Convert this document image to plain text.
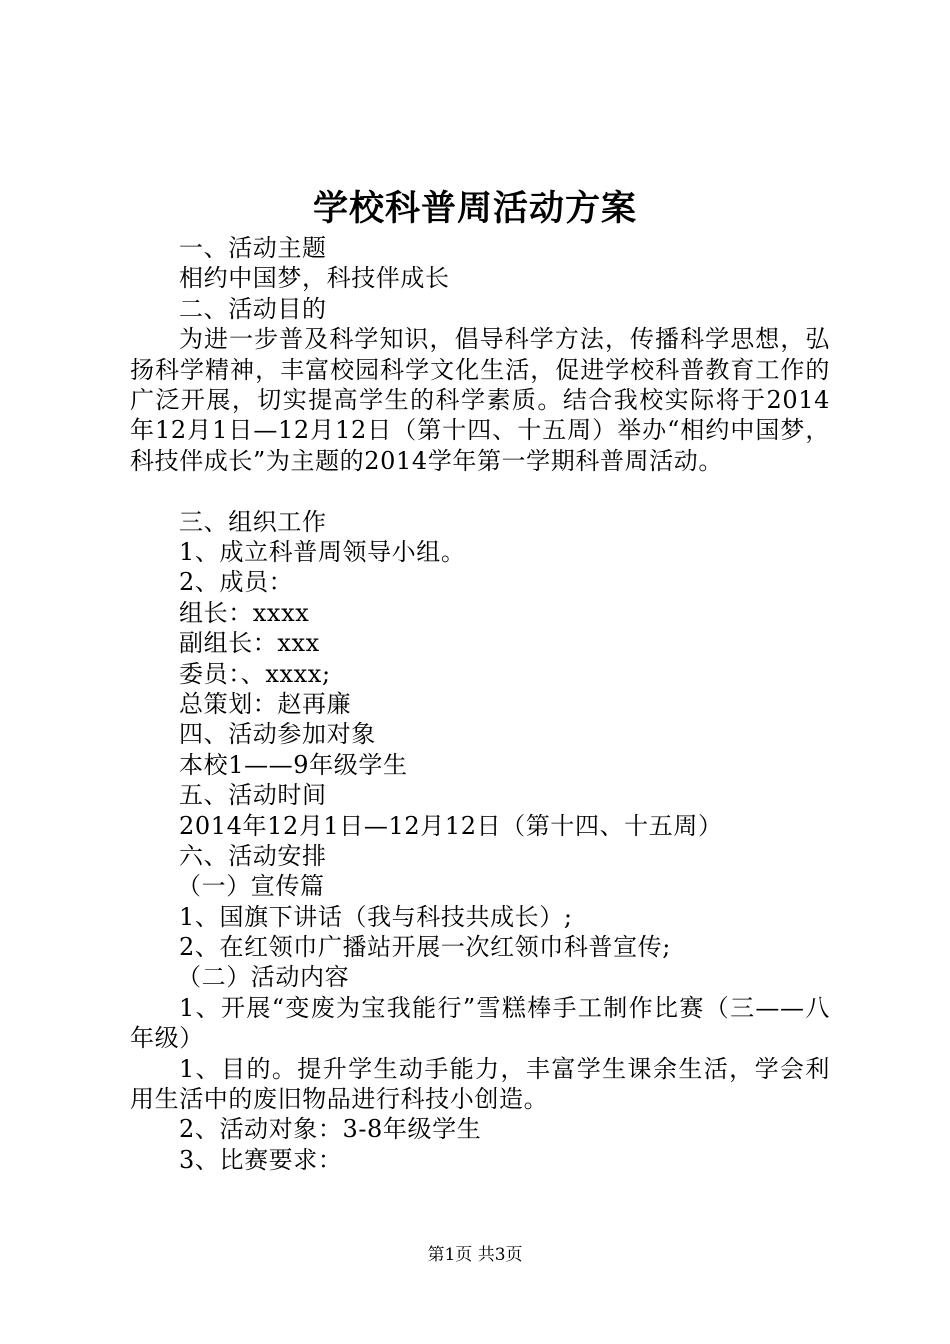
学校科普周活动方案
一、活动主题
相约中国梦，科技伴成长
二、活动目的
为进一步普及科学知识，倡导科学方法，传播科学思想，弘扬科学精神，丰富校园科学文化生活，促进学校科普教育工作的广泛开展，切实提高学生的科学素质。结合我校实际将于2014年12月1日—12月12日（第十四、十五周）举办“相约中国梦，科技伴成长”为主题的2014学年第一学期科普周活动。
三、组织工作
1、成立科普周领导小组。
2、成员：
组长：xxxx
副组长：xxx
委员：、xxxx;
总策划：赵再廉
四、活动参加对象
本校1——9年级学生
五、活动时间
2014年12月1日—12月12日（第十四、十五周）
六、活动安排
（一）宣传篇
1、国旗下讲话（我与科技共成长）;
2、在红领巾广播站开展一次红领巾科普宣传;
（二）活动内容
1、开展“变废为宝我能行”雪糕棒手工制作比赛（三——八年级）
1、目的。提升学生动手能力，丰富学生课余生活，学会利用生活中的废旧物品进行科技小创造。
2、活动对象：3-8年级学生
3、比赛要求：
第1页 共3页
